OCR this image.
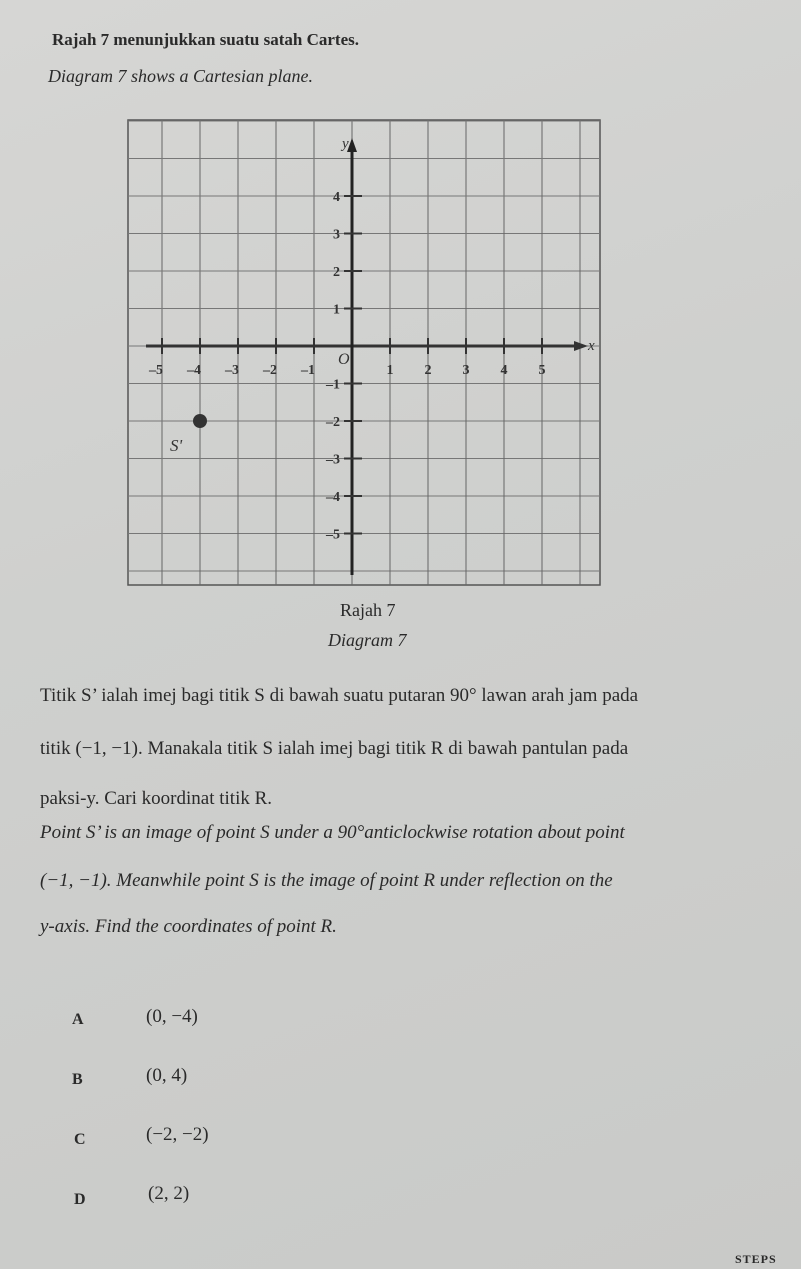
Rajah 7 menunjukkan suatu satah Cartes.
Diagram 7 shows a Cartesian plane.
x
y
O
–5 –4 –3 –2 –1	1 2 3 4 5
4
3
2
1
–1
–2
–3
–4
–5
S'
Rajah 7
Diagram 7
Titik S’ ialah imej bagi titik S di bawah suatu putaran 90° lawan arah jam pada
titik (−1, −1). Manakala titik S ialah imej bagi titik R di bawah pantulan pada
paksi-y. Cari koordinat titik R.
Point S’ is an image of point S under a 90°anticlockwise rotation about point
(−1, −1). Meanwhile point S is the image of point R under reflection on the
y-axis. Find the coordinates of point R.
A	(0, −4)
B	(0, 4)
C	(−2, −2)
D	(2, 2)
STEPS
